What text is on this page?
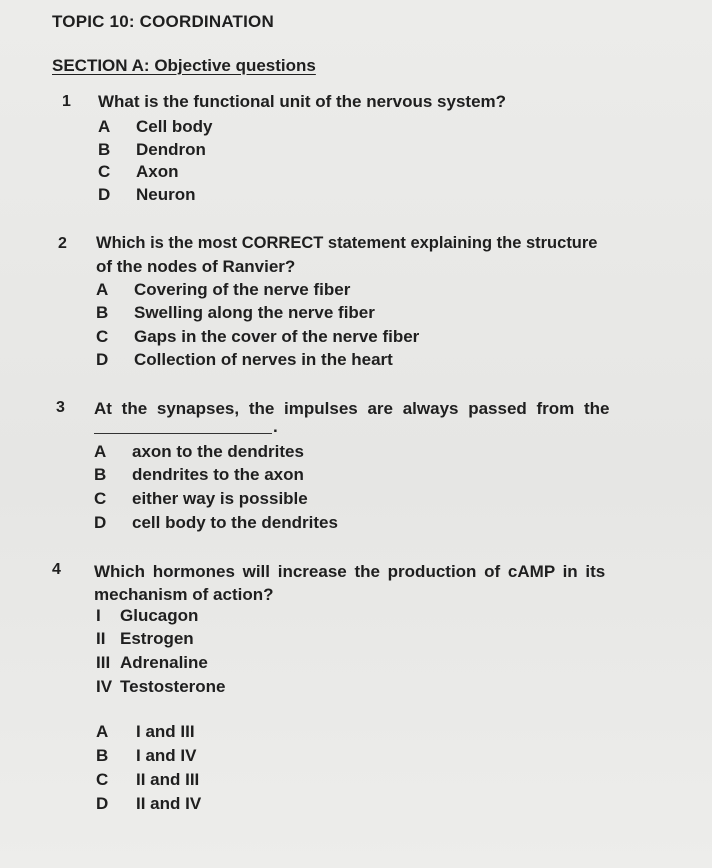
TOPIC 10: COORDINATION
SECTION A: Objective questions
1 What is the functional unit of the nervous system?
A Cell body
B Dendron
C Axon
D Neuron
2 Which is the most CORRECT statement explaining the structure
of the nodes of Ranvier?
A Covering of the nerve fiber
B Swelling along the nerve fiber
C Gaps in the cover of the nerve fiber
D Collection of nerves in the heart
3 At the synapses, the impulses are always passed from the
.
A axon to the dendrites
B dendrites to the axon
C either way is possible
D cell body to the dendrites
4 Which hormones will increase the production of cAMP in its
mechanism of action?
I Glucagon
II Estrogen
III Adrenaline
IV Testosterone
A I and III
B I and IV
C II and III
D II and IV
